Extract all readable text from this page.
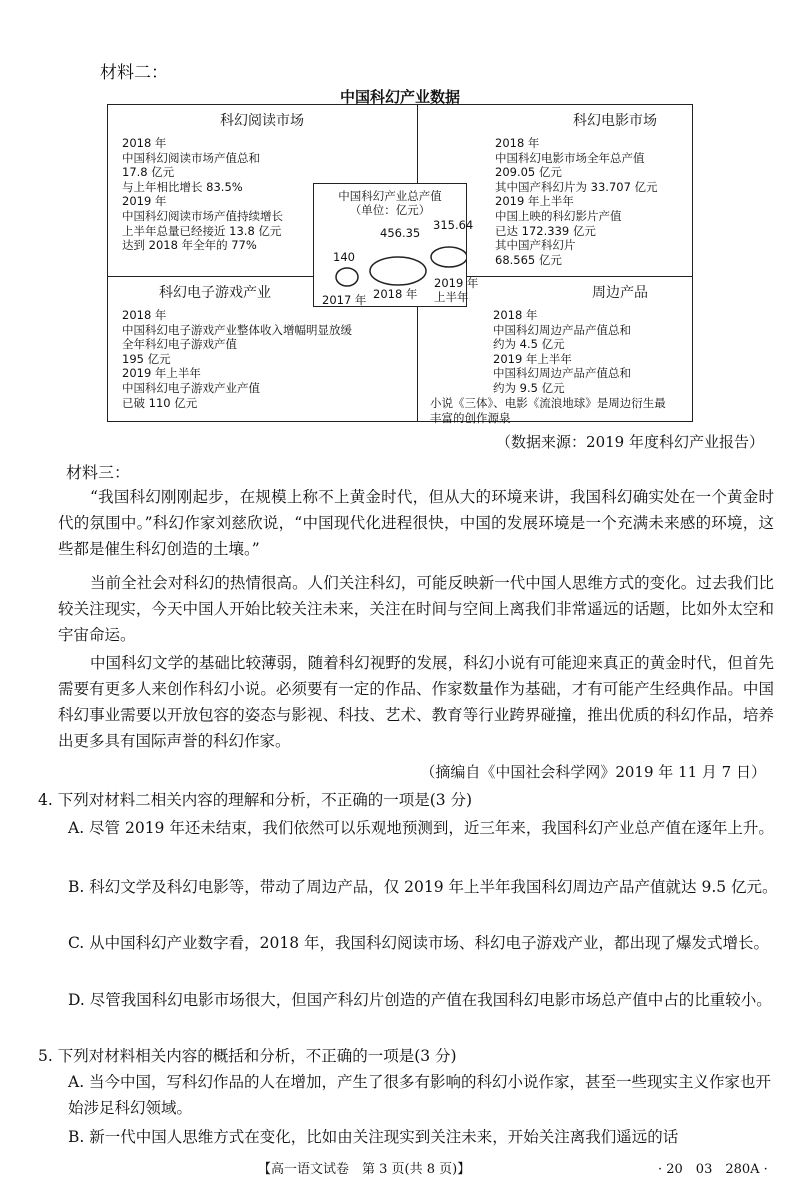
材料二：
中国科幻产业数据
科幻阅读市场
2018 年
中国科幻阅读市场产值总和
17.8 亿元
与上年相比增长 83.5%
2019 年
中国科幻阅读市场产值持续增长
上半年总量已经接近 13.8 亿元
达到 2018 年全年的 77%
科幻电影市场
2018 年
中国科幻电影市场全年总产值
209.05 亿元
其中国产科幻片为 33.707 亿元
2019 年上半年
中国上映的科幻影片产值
已达 172.339 亿元
其中国产科幻片
68.565 亿元
科幻电子游戏产业
2018 年
中国科幻电子游戏产业整体收入增幅明显放缓
全年科幻电子游戏产值
195 亿元
2019 年上半年
中国科幻电子游戏产业产值
已破 110 亿元
周边产品
2018 年
中国科幻周边产品产值总和
约为 4.5 亿元
2019 年上半年
中国科幻周边产品产值总和
约为 9.5 亿元
小说《三体》、电影《流浪地球》是周边衍生最
丰富的创作源泉
中国科幻产业总产值
（单位：亿元）
140
456.35
315.64
2017 年 2018 年
2019 年
上半年
（数据来源：2019 年度科幻产业报告）
材料三：
“我国科幻刚刚起步，在规模上称不上黄金时代，但从大的环境来讲，我国科幻确实处在一个黄金时代的氛围中。”科幻作家刘慈欣说，“中国现代化进程很快，中国的发展环境是一个充满未来感的环境，这些都是催生科幻创造的土壤。”
当前全社会对科幻的热情很高。人们关注科幻，可能反映新一代中国人思维方式的变化。过去我们比较关注现实，今天中国人开始比较关注未来，关注在时间与空间上离我们非常遥远的话题，比如外太空和宇宙命运。
中国科幻文学的基础比较薄弱，随着科幻视野的发展，科幻小说有可能迎来真正的黄金时代，但首先需要有更多人来创作科幻小说。必须要有一定的作品、作家数量作为基础，才有可能产生经典作品。中国科幻事业需要以开放包容的姿态与影视、科技、艺术、教育等行业跨界碰撞，推出优质的科幻作品，培养出更多具有国际声誉的科幻作家。
（摘编自《中国社会科学网》2019 年 11 月 7 日）
4. 下列对材料二相关内容的理解和分析，不正确的一项是(3 分)
A. 尽管 2019 年还未结束，我们依然可以乐观地预测到，近三年来，我国科幻产业总产值在逐年上升。
B. 科幻文学及科幻电影等，带动了周边产品，仅 2019 年上半年我国科幻周边产品产值就达 9.5 亿元。
C. 从中国科幻产业数字看，2018 年，我国科幻阅读市场、科幻电子游戏产业，都出现了爆发式增长。
D. 尽管我国科幻电影市场很大，但国产科幻片创造的产值在我国科幻电影市场总产值中占的比重较小。
5. 下列对材料相关内容的概括和分析，不正确的一项是(3 分)
A. 当今中国，写科幻作品的人在增加，产生了很多有影响的科幻小说作家，甚至一些现实主义作家也开始涉足科幻领域。
B. 新一代中国人思维方式在变化，比如由关注现实到关注未来，开始关注离我们遥远的话
【高一语文试卷　第 3 页(共 8 页)】	· 20　03　280A ·
